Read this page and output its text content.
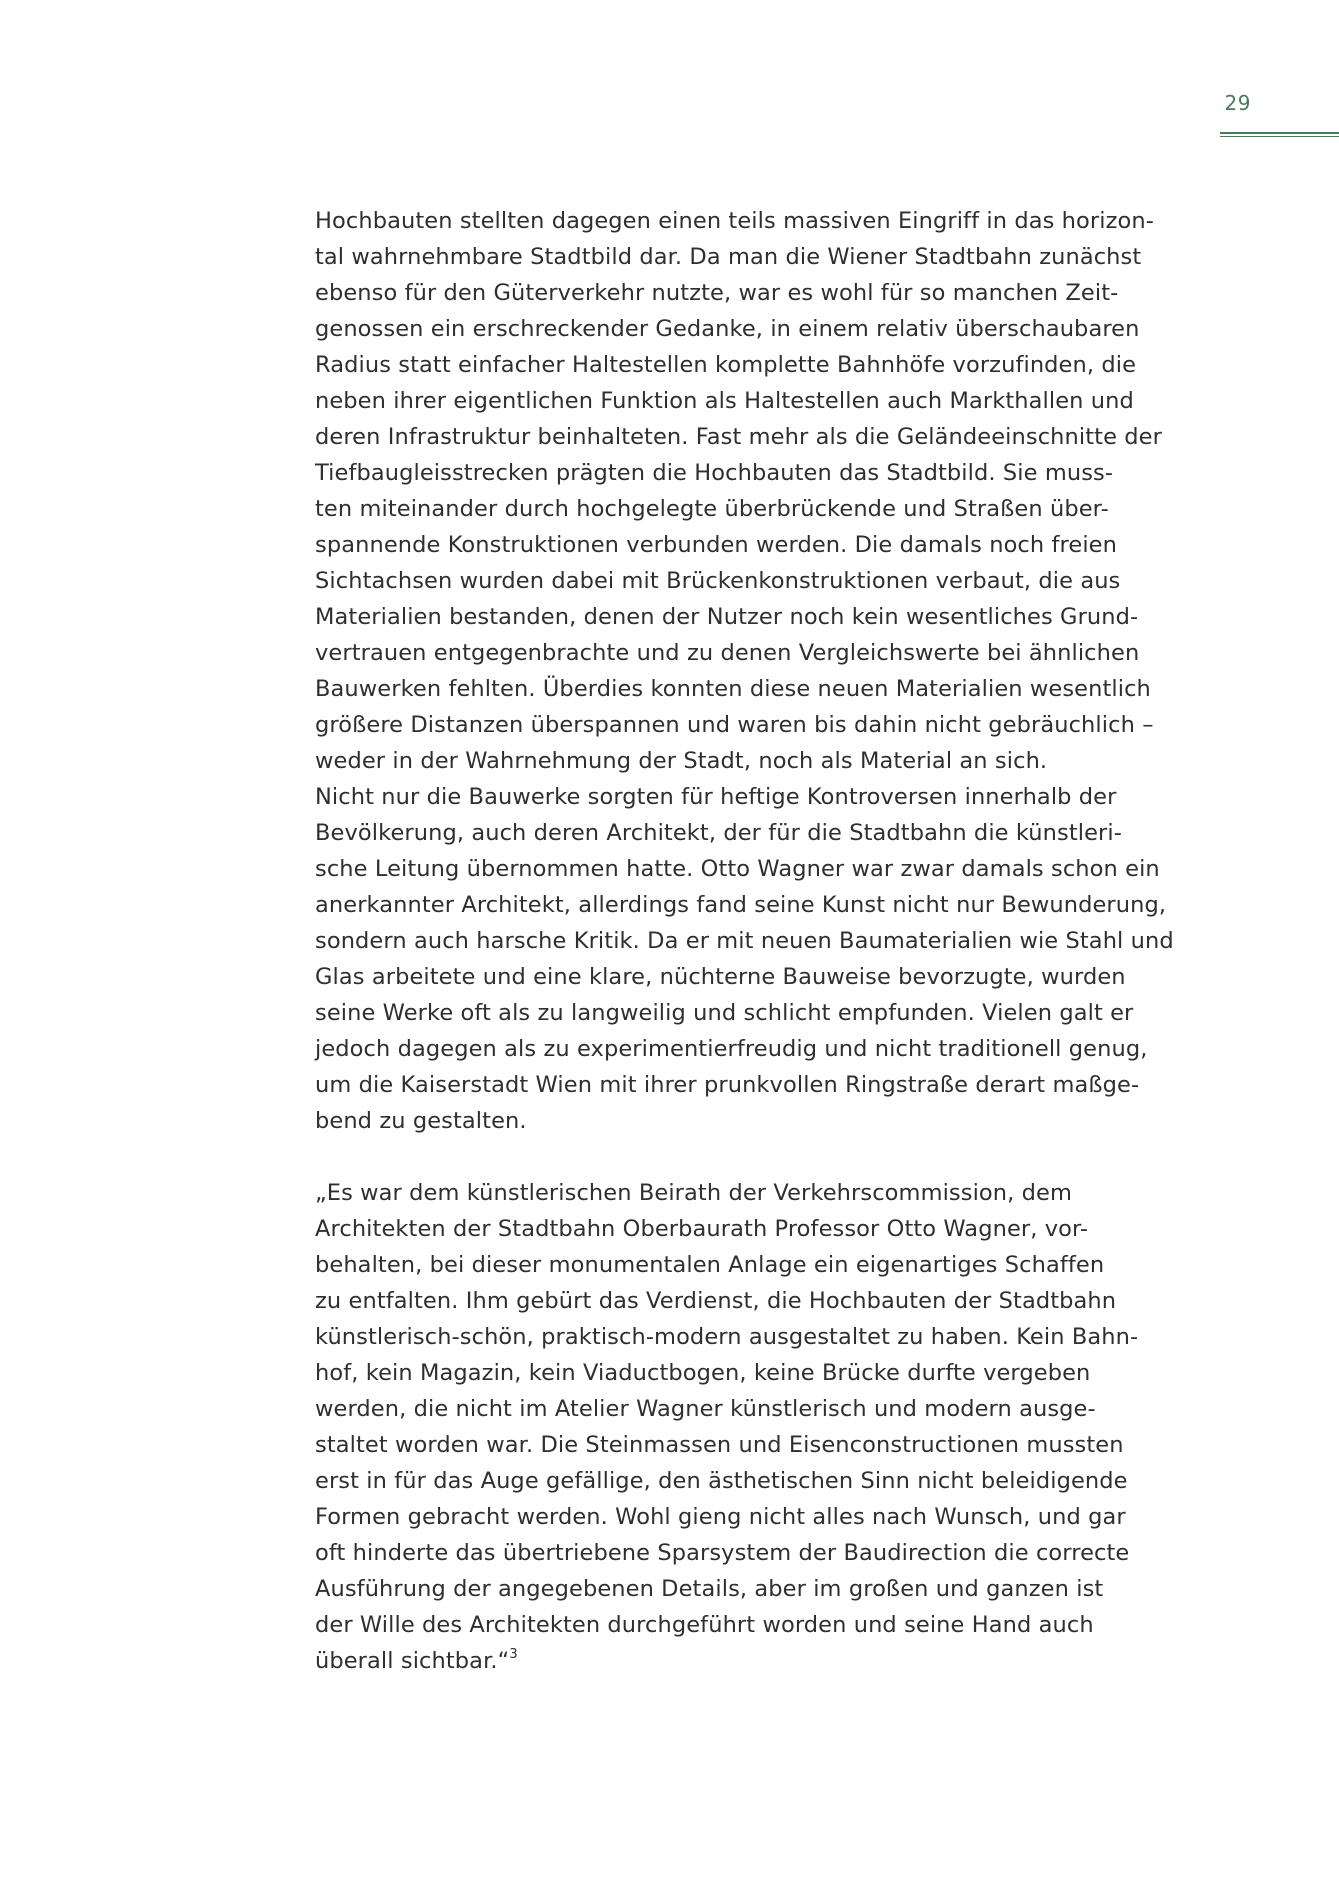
29
Hochbauten stellten dagegen einen teils massiven Eingriff in das horizon-
tal wahrnehmbare Stadtbild dar. Da man die Wiener Stadtbahn zunächst
ebenso für den Güterverkehr nutzte, war es wohl für so manchen Zeit-
genossen ein erschreckender Gedanke, in einem relativ überschaubaren
Radius statt einfacher Haltestellen komplette Bahnhöfe vorzufinden, die
neben ihrer eigentlichen Funktion als Haltestellen auch Markthallen und
deren Infrastruktur beinhalteten. Fast mehr als die Geländeeinschnitte der
Tiefbaugleisstrecken prägten die Hochbauten das Stadtbild. Sie muss-
ten miteinander durch hochgelegte überbrückende und Straßen über-
spannende Konstruktionen verbunden werden. Die damals noch freien
Sichtachsen wurden dabei mit Brückenkonstruktionen verbaut, die aus
Materialien bestanden, denen der Nutzer noch kein wesentliches Grund-
vertrauen entgegenbrachte und zu denen Vergleichswerte bei ähnlichen
Bauwerken fehlten. Überdies konnten diese neuen Materialien wesentlich
größere Distanzen überspannen und waren bis dahin nicht gebräuchlich –
weder in der Wahrnehmung der Stadt, noch als Material an sich.
Nicht nur die Bauwerke sorgten für heftige Kontroversen innerhalb der
Bevölkerung, auch deren Architekt, der für die Stadtbahn die künstleri-
sche Leitung übernommen hatte. Otto Wagner war zwar damals schon ein
anerkannter Architekt, allerdings fand seine Kunst nicht nur Bewunderung,
sondern auch harsche Kritik. Da er mit neuen Baumaterialien wie Stahl und
Glas arbeitete und eine klare, nüchterne Bauweise bevorzugte, wurden
seine Werke oft als zu langweilig und schlicht empfunden. Vielen galt er
jedoch dagegen als zu experimentierfreudig und nicht traditionell genug,
um die Kaiserstadt Wien mit ihrer prunkvollen Ringstraße derart maßge-
bend zu gestalten.
„Es war dem künstlerischen Beirath der Verkehrscommission, dem
Architekten der Stadtbahn Oberbaurath Professor Otto Wagner, vor-
behalten, bei dieser monumentalen Anlage ein eigenartiges Schaffen
zu entfalten. Ihm gebürt das Verdienst, die Hochbauten der Stadtbahn
künstlerisch-schön, praktisch-modern ausgestaltet zu haben. Kein Bahn-
hof, kein Magazin, kein Viaductbogen, keine Brücke durfte vergeben
werden, die nicht im Atelier Wagner künstlerisch und modern ausge-
staltet worden war. Die Steinmassen und Eisenconstructionen mussten
erst in für das Auge gefällige, den ästhetischen Sinn nicht beleidigende
Formen gebracht werden. Wohl gieng nicht alles nach Wunsch, und gar
oft hinderte das übertriebene Sparsystem der Baudirection die correcte
Ausführung der angegebenen Details, aber im großen und ganzen ist
der Wille des Architekten durchgeführt worden und seine Hand auch
überall sichtbar.“$^3$
